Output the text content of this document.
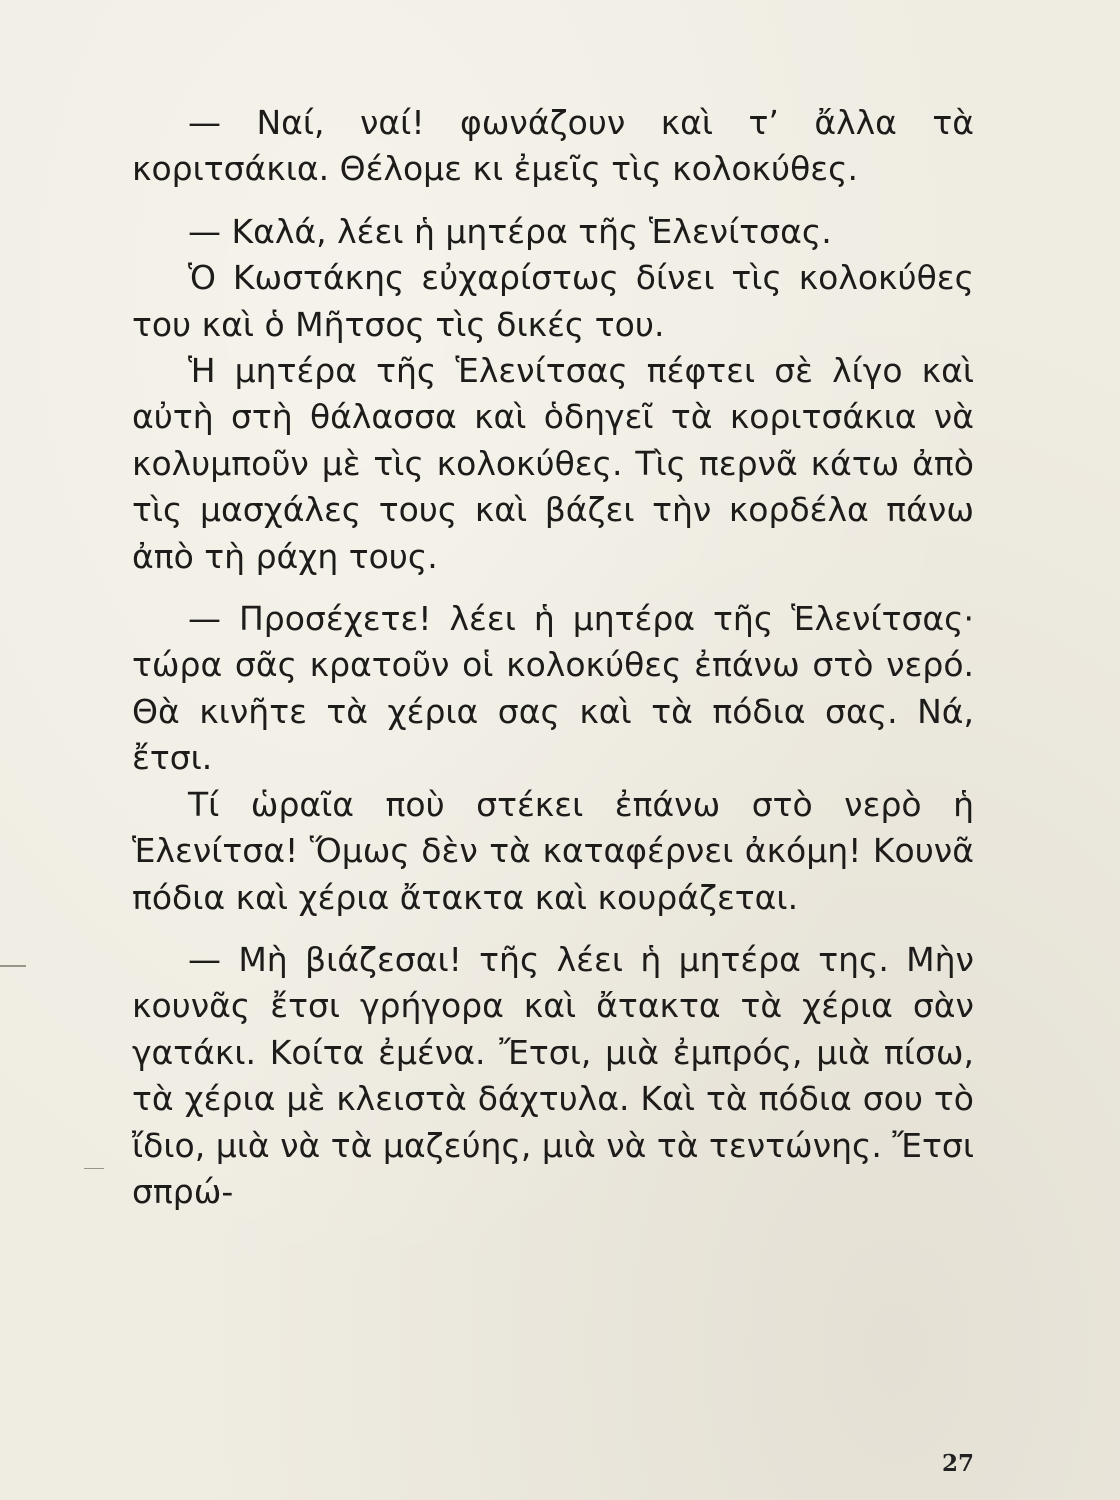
— Ναί, ναί! φωνάζουν καὶ τ’ ἄλλα τὰ κοριτσάκια. Θέλομε κι ἐμεῖς τὶς κολοκύθες.

— Καλά, λέει ἡ μητέρα τῆς Ἑλενίτσας.

Ὁ Κωστάκης εὐχαρίστως δίνει τὶς κολοκύθες του καὶ ὁ Μῆτσος τὶς δικές του.

Ἡ μητέρα τῆς Ἑλενίτσας πέφτει σὲ λίγο καὶ αὐτὴ στὴ θάλασσα καὶ ὁδηγεῖ τὰ κοριτσάκια νὰ κολυμποῦν μὲ τὶς κολοκύθες. Τὶς περνᾶ κάτω ἀπὸ τὶς μασχάλες τους καὶ βάζει τὴν κορδέλα πάνω ἀπὸ τὴ ράχη τους.

— Προσέχετε! λέει ἡ μητέρα τῆς Ἑλενίτσας· τώρα σᾶς κρατοῦν οἱ κολοκύθες ἐπάνω στὸ νερό. Θὰ κινῆτε τὰ χέρια σας καὶ τὰ πόδια σας. Νά, ἔτσι.

Τί ὡραῖα ποὺ στέκει ἐπάνω στὸ νερὸ ἡ Ἑλενίτσα! Ὅμως δὲν τὰ καταφέρνει ἀκόμη! Κουνᾶ πόδια καὶ χέρια ἄτακτα καὶ κουράζεται.

— Μὴ βιάζεσαι! τῆς λέει ἡ μητέρα της. Μὴν κουνᾶς ἔτσι γρήγορα καὶ ἄτακτα τὰ χέρια σὰν γατάκι. Κοίτα ἐμένα. Ἔτσι, μιὰ ἐμπρός, μιὰ πίσω, τὰ χέρια μὲ κλειστὰ δάχτυλα. Καὶ τὰ πόδια σου τὸ ἴδιο, μιὰ νὰ τὰ μαζεύης, μιὰ νὰ τὰ τεντώνης. Ἔτσι σπρώ-

27
